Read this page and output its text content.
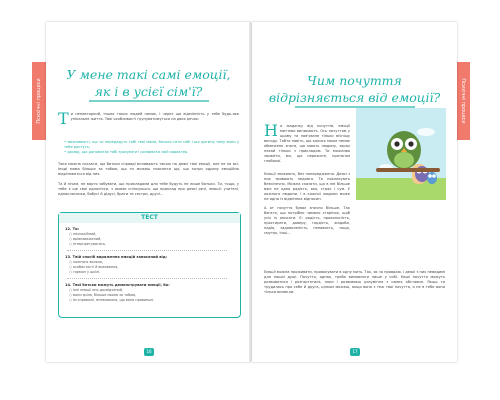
Психічні процеси	Психічні процеси
У мене такі самі емоції,
як і в усієї сім'ї?
Т и неповторний, інших таких людей немає, і через що відмінність у тебе будь-яке унікальне життя. Твої особливості групуватимуться на двох речах:
• можливості, що ти передадуть тобі твої мама, батько-тато тобі і що дитину тому вони у тебе ростуть;
• досвід, що допомагає тобі зрозуміти і розвивати свій характер.
Таке можна сказати, що батьки справді впливають також на деякі твої емоції, але не на всі. Іноді мама більше за тобою, що ти можеш пояснити що, що котри одразу емоційно відрізняються від них.
Та й нічим, не варто забувати, що прикладами для тебе будуть не лише батьки. Ти, тощо, у тебе є ще свої однолітки, з якими спілкуєшся, що приклад про деякі речі, емоції: учителі, однокласники, бабусі й дідусі, брати та сестри, друзі...
ТЕСТ
12. Ти:
○ неспокійний,
○ врівноважений,
○ інтерпретуватись.
13. Твій спосіб вираження емоцій записаний від:
○ кожного вольно,
○ особистості й виховання,
○ гормон у шкілі.
14. Твої батьки можуть демонструвати емоції, бо:
○ їхні емоції оно досвідчений,
○ вони зріла, більше своєю за тобою,
○ їм справжні, впевнилися, що вони правильні.
16
Чим почуття
відрізняється від емоції?
Н а жаданку від почуттів, емоції миттєво виникають. Ось почуттям у цьому та пов'язане тільки вічнішу вигоду. Тобто навіть, що колись може немає обмежень знати, що мають людину, зарах нехай тільки з прикладом. Ти можливо засвоїти, ми, що пережите, протягом глибокої.
Емоції зникають, без попередження. Деякі з них тривають недовго. Та покликують безкінечно. Можна сказати, що в неї більше вже не одна радість, яка, страх і сум. У кожного людини, і в кожної людини може не одна із відмінних відносин.
А от почуття буває значно більше. Так багато, що потрібно чимало сторінок, щоб усіх їх описати. Є: радість, прихильність, простирати, доверу, гордість, жадоба, надія, задоволеність, ненависть, тощо, смуток, інші...
Емоції можна проживати, провокувати в одну мить. Так, як за правдою. І деякі з них невидимі для нашої душі. Почуття, однак, треба вимовляти лише у собі. Наші почуття можуть розвиватися і розгортатися, поки і розвиваєш розуміння з самих обставин. Якщо ти трудилась про себе й друга, цілком можеш, якщо воно з теж твої почуття, а не в тебе вони тільки виникли.
17
